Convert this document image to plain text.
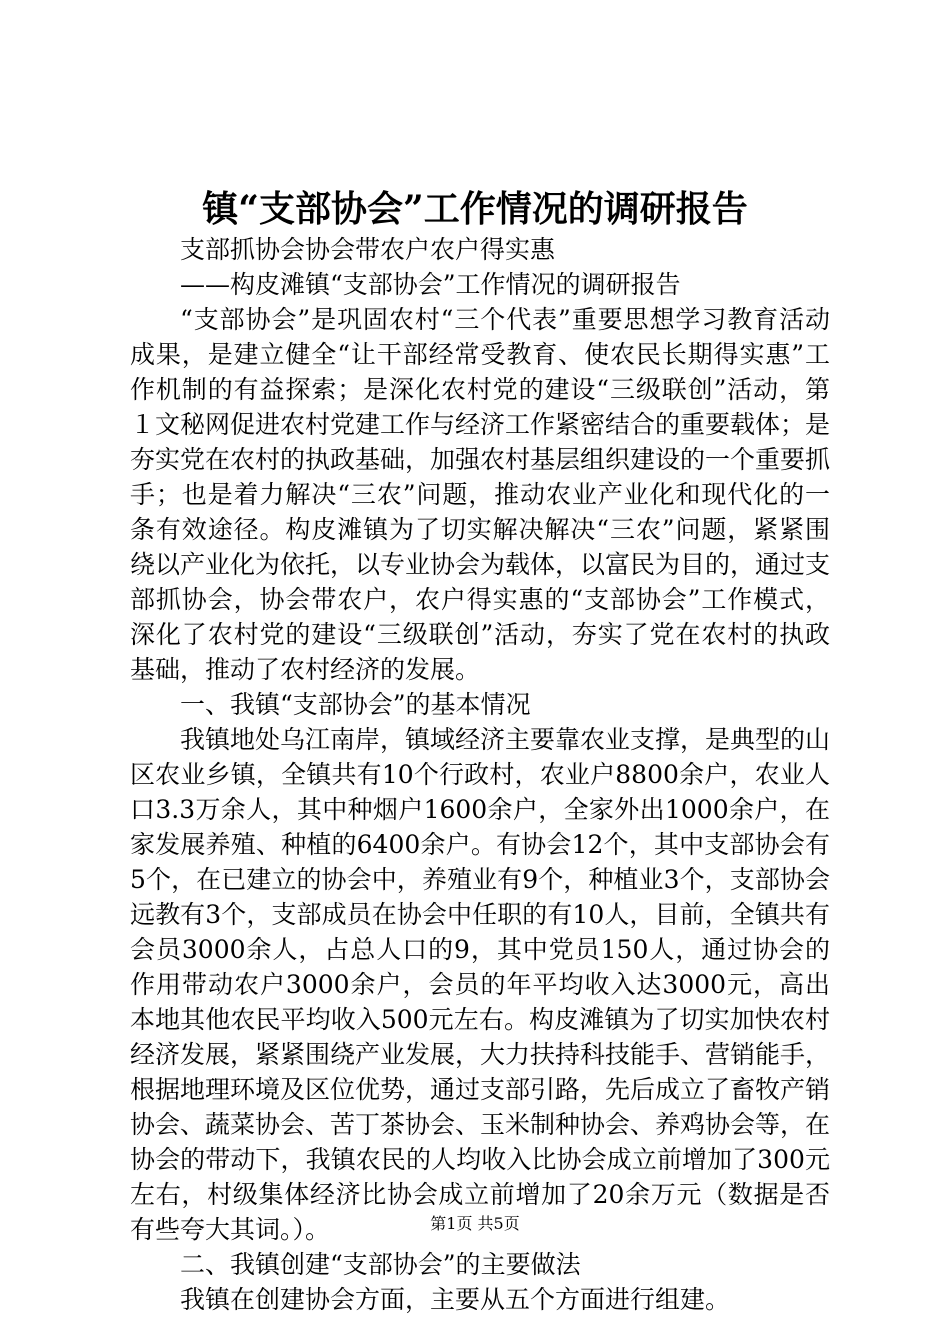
镇“支部协会”工作情况的调研报告

支部抓协会协会带农户农户得实惠

——构皮滩镇“支部协会”工作情况的调研报告

“支部协会”是巩固农村“三个代表”重要思想学习教育活动成果，是建立健全“让干部经常受教育、使农民长期得实惠”工作机制的有益探索；是深化农村党的建设“三级联创”活动，第１文秘网促进农村党建工作与经济工作紧密结合的重要载体；是夯实党在农村的执政基础，加强农村基层组织建设的一个重要抓手；也是着力解决“三农”问题，推动农业产业化和现代化的一条有效途径。构皮滩镇为了切实解决解决“三农”问题，紧紧围绕以产业化为依托，以专业协会为载体，以富民为目的，通过支部抓协会，协会带农户，农户得实惠的“支部协会”工作模式，深化了农村党的建设“三级联创”活动，夯实了党在农村的执政基础，推动了农村经济的发展。

一、我镇“支部协会”的基本情况

我镇地处乌江南岸，镇域经济主要靠农业支撑，是典型的山区农业乡镇，全镇共有10个行政村，农业户8800余户，农业人口3.3万余人，其中种烟户1600余户，全家外出1000余户，在家发展养殖、种植的6400余户。有协会12个，其中支部协会有5个，在已建立的协会中，养殖业有9个，种植业3个，支部协会远教有3个，支部成员在协会中任职的有10人，目前，全镇共有会员3000余人，占总人口的9，其中党员150人，通过协会的作用带动农户3000余户，会员的年平均收入达3000元，高出本地其他农民平均收入500元左右。构皮滩镇为了切实加快农村经济发展，紧紧围绕产业发展，大力扶持科技能手、营销能手，根据地理环境及区位优势，通过支部引路，先后成立了畜牧产销协会、蔬菜协会、苦丁茶协会、玉米制种协会、养鸡协会等，在协会的带动下，我镇农民的人均收入比协会成立前增加了300元左右，村级集体经济比协会成立前增加了20余万元（数据是否有些夸大其词。）。

二、我镇创建“支部协会”的主要做法

我镇在创建协会方面，主要从五个方面进行组建。

第1页 共5页
